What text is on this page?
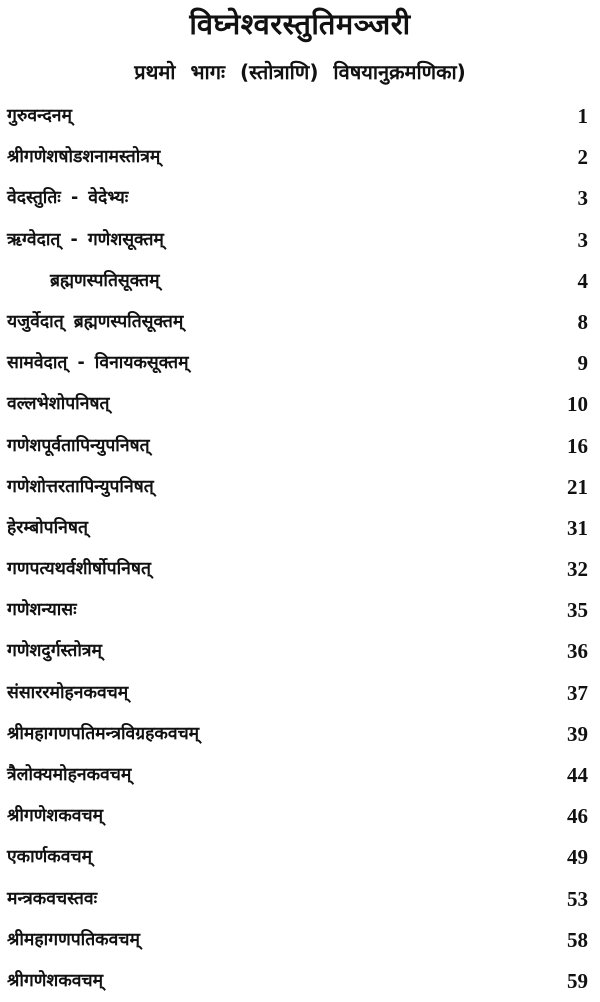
विघ्नेश्वरस्तुतिमञ्जरी
प्रथमो भागः (स्तोत्राणि) विषयानुक्रमणिका)
गुरुवन्दनम्	1
श्रीगणेशषोडशनामस्तोत्रम्	2
वेदस्तुतिः - वेदेभ्यः	3
ऋग्वेदात् - गणेशसूक्तम्	3
ब्रह्मणस्पतिसूक्तम्	4
यजुर्वेदात् ब्रह्मणस्पतिसूक्तम्	8
सामवेदात् - विनायकसूक्तम्	9
वल्लभेशोपनिषत्	10
गणेशपूर्वतापिन्युपनिषत्	16
गणेशोत्तरतापिन्युपनिषत्	21
हेरम्बोपनिषत्	31
गणपत्यथर्वशीर्षोपनिषत्	32
गणेशन्यासः	35
गणेशदुर्गस्तोत्रम्	36
संसाररमोहनकवचम्	37
श्रीमहागणपतिमन्त्रविग्रहकवचम्	39
त्रैलोक्यमोहनकवचम्	44
श्रीगणेशकवचम्	46
एकार्णकवचम्	49
मन्त्रकवचस्तवः	53
श्रीमहागणपतिकवचम्	58
श्रीगणेशकवचम्	59
